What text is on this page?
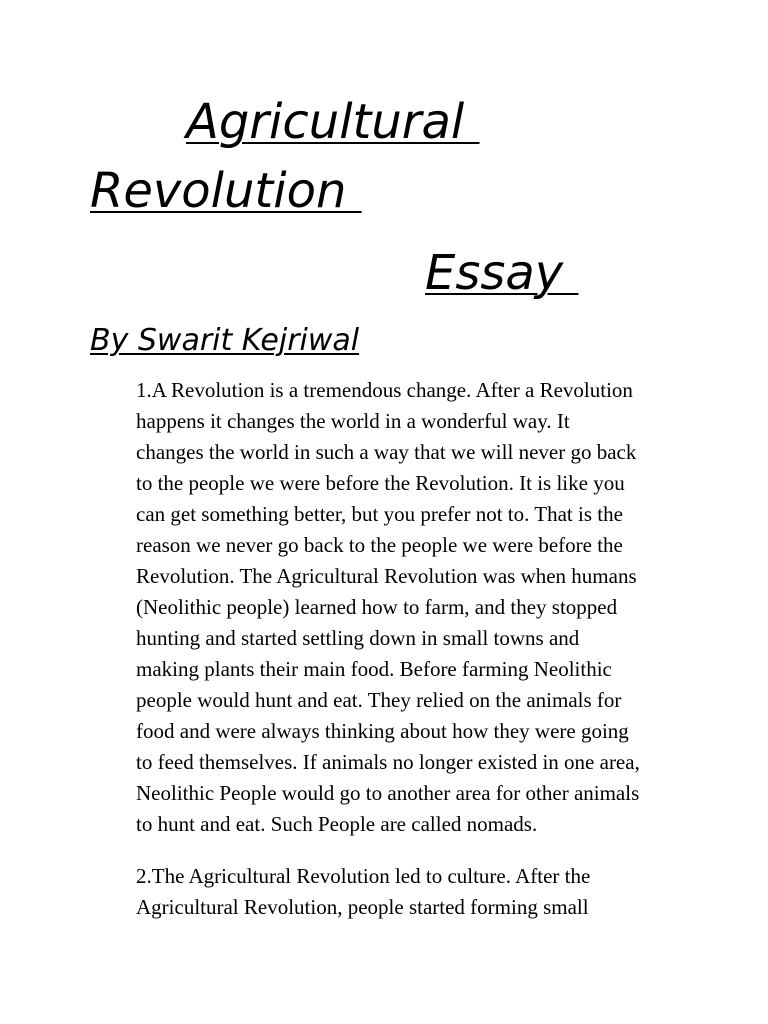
Agricultural
Revolution
Essay
By Swarit Kejriwal

1.A Revolution is a tremendous change. After a Revolution
happens it changes the world in a wonderful way. It
changes the world in such a way that we will never go back
to the people we were before the Revolution. It is like you
can get something better, but you prefer not to. That is the
reason we never go back to the people we were before the
Revolution. The Agricultural Revolution was when humans
(Neolithic people) learned how to farm, and they stopped
hunting and started settling down in small towns and
making plants their main food. Before farming Neolithic
people would hunt and eat. They relied on the animals for
food and were always thinking about how they were going
to feed themselves. If animals no longer existed in one area,
Neolithic People would go to another area for other animals
to hunt and eat. Such People are called nomads.

2.The Agricultural Revolution led to culture. After the
Agricultural Revolution, people started forming small
